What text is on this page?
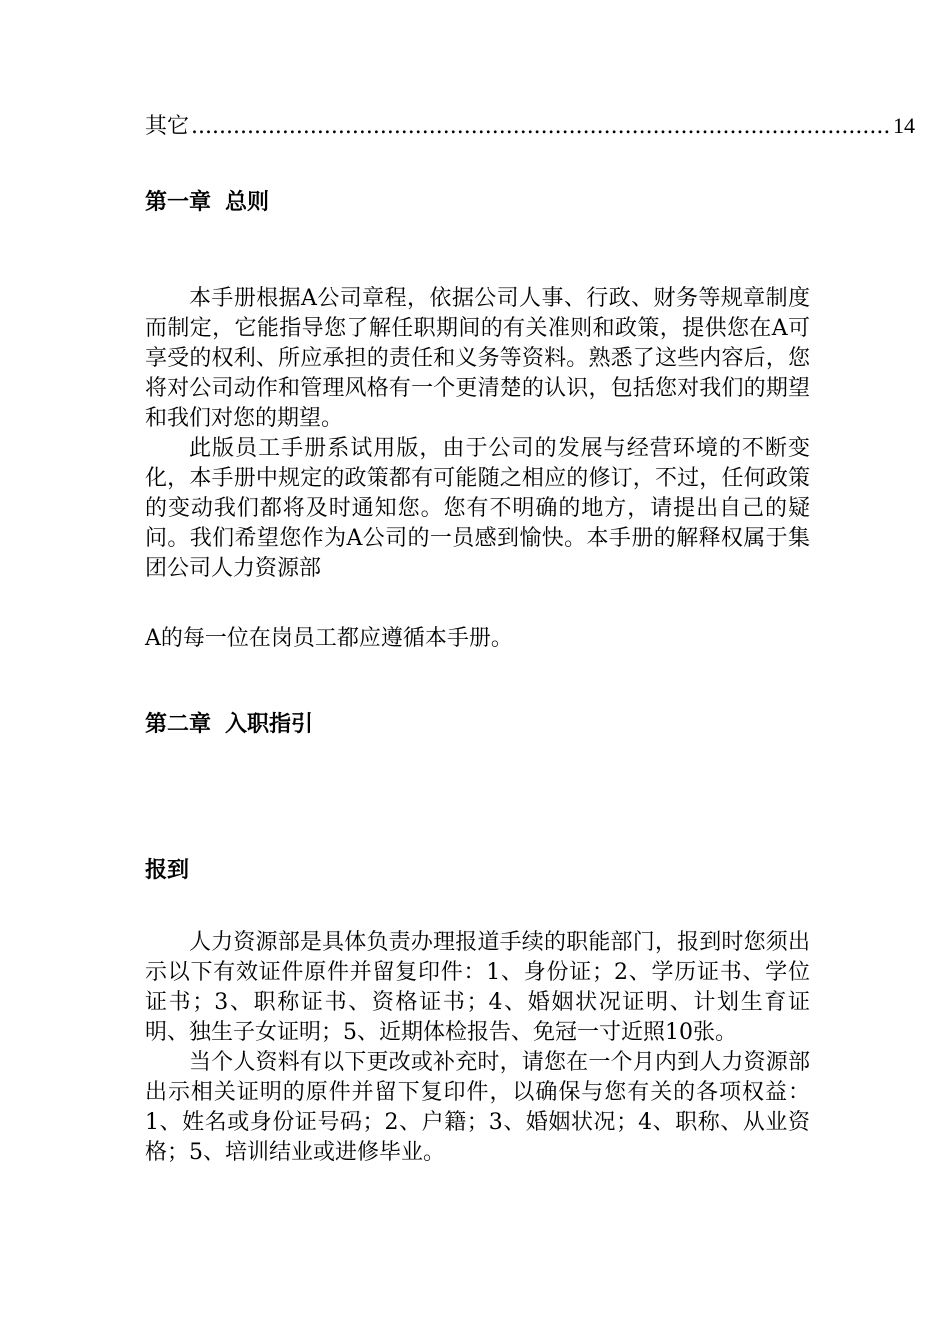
其它
.....	14
第一章 总则

本手册根据A公司章程，依据公司人事、行政、财务等规章制度而制定，它能指导您了解任职期间的有关准则和政策，提供您在A可享受的权利、所应承担的责任和义务等资料。熟悉了这些内容后，您将对公司动作和管理风格有一个更清楚的认识，包括您对我们的期望和我们对您的期望。

此版员工手册系试用版，由于公司的发展与经营环境的不断变化，本手册中规定的政策都有可能随之相应的修订，不过，任何政策的变动我们都将及时通知您。您有不明确的地方，请提出自己的疑问。我们希望您作为A公司的一员感到愉快。本手册的解释权属于集团公司人力资源部

A的每一位在岗员工都应遵循本手册。
第二章 入职指引
报到

人力资源部是具体负责办理报道手续的职能部门，报到时您须出示以下有效证件原件并留复印件：1、身份证；2、学历证书、学位证书；3、职称证书、资格证书；4、婚姻状况证明、计划生育证明、独生子女证明；5、近期体检报告、免冠一寸近照10张。

当个人资料有以下更改或补充时，请您在一个月内到人力资源部出示相关证明的原件并留下复印件，以确保与您有关的各项权益：1、姓名或身份证号码；2、户籍；3、婚姻状况；4、职称、从业资格；5、培训结业或进修毕业。
